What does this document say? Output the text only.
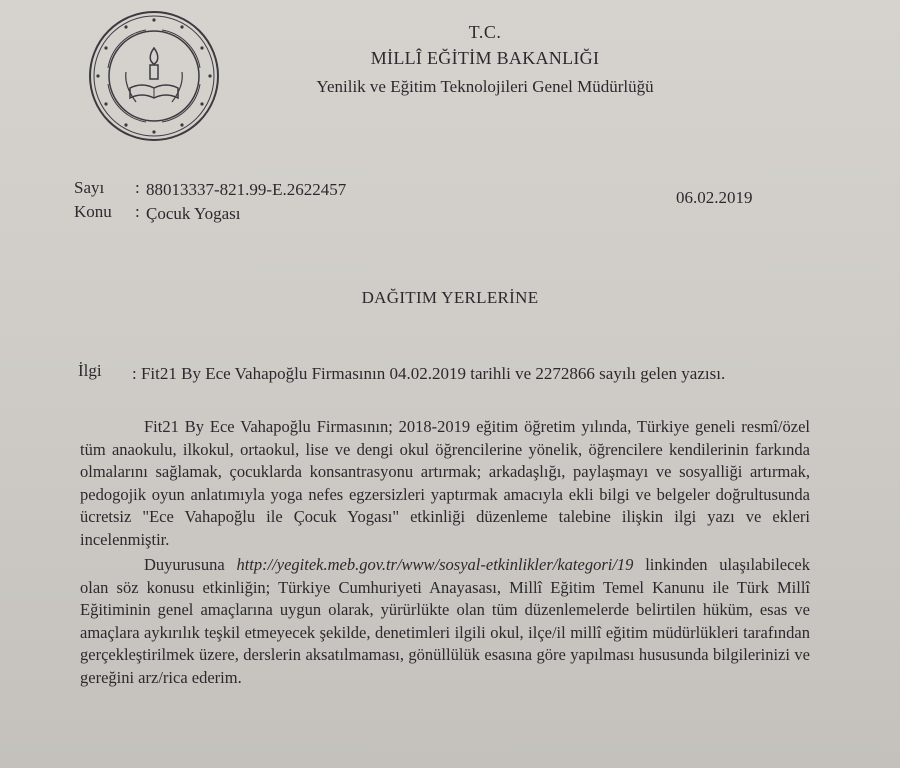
T.C.
MİLLÎ EĞİTİM BAKANLIĞI
Yenilik ve Eğitim Teknolojileri Genel Müdürlüğü
Sayı : 88013337-821.99-E.2622457
Konu : Çocuk Yogası
06.02.2019
DAĞITIM YERLERİNE
İlgi : Fit21 By Ece Vahapoğlu Firmasının 04.02.2019 tarihli ve 2272866 sayılı gelen yazısı.
Fit21 By Ece Vahapoğlu Firmasının; 2018-2019 eğitim öğretim yılında, Türkiye geneli resmî/özel tüm anaokulu, ilkokul, ortaokul, lise ve dengi okul öğrencilerine yönelik, öğrencilere kendilerinin farkında olmalarını sağlamak, çocuklarda konsantrasyonu artırmak; arkadaşlığı, paylaşmayı ve sosyalliği artırmak, pedogojik oyun anlatımıyla yoga nefes egzersizleri yaptırmak amacıyla ekli bilgi ve belgeler doğrultusunda ücretsiz "Ece Vahapoğlu ile Çocuk Yogası" etkinliği düzenleme talebine ilişkin ilgi yazı ve ekleri incelenmiştir.
Duyurusuna http://yegitek.meb.gov.tr/www/sosyal-etkinlikler/kategori/19 linkinden ulaşılabilecek olan söz konusu etkinliğin; Türkiye Cumhuriyeti Anayasası, Millî Eğitim Temel Kanunu ile Türk Millî Eğitiminin genel amaçlarına uygun olarak, yürürlükte olan tüm düzenlemelerde belirtilen hüküm, esas ve amaçlara aykırılık teşkil etmeyecek şekilde, denetimleri ilgili okul, ilçe/il millî eğitim müdürlükleri tarafından gerçekleştirilmek üzere, derslerin aksatılmaması, gönüllülük esasına göre yapılması hususunda bilgilerinizi ve gereğini arz/rica ederim.
